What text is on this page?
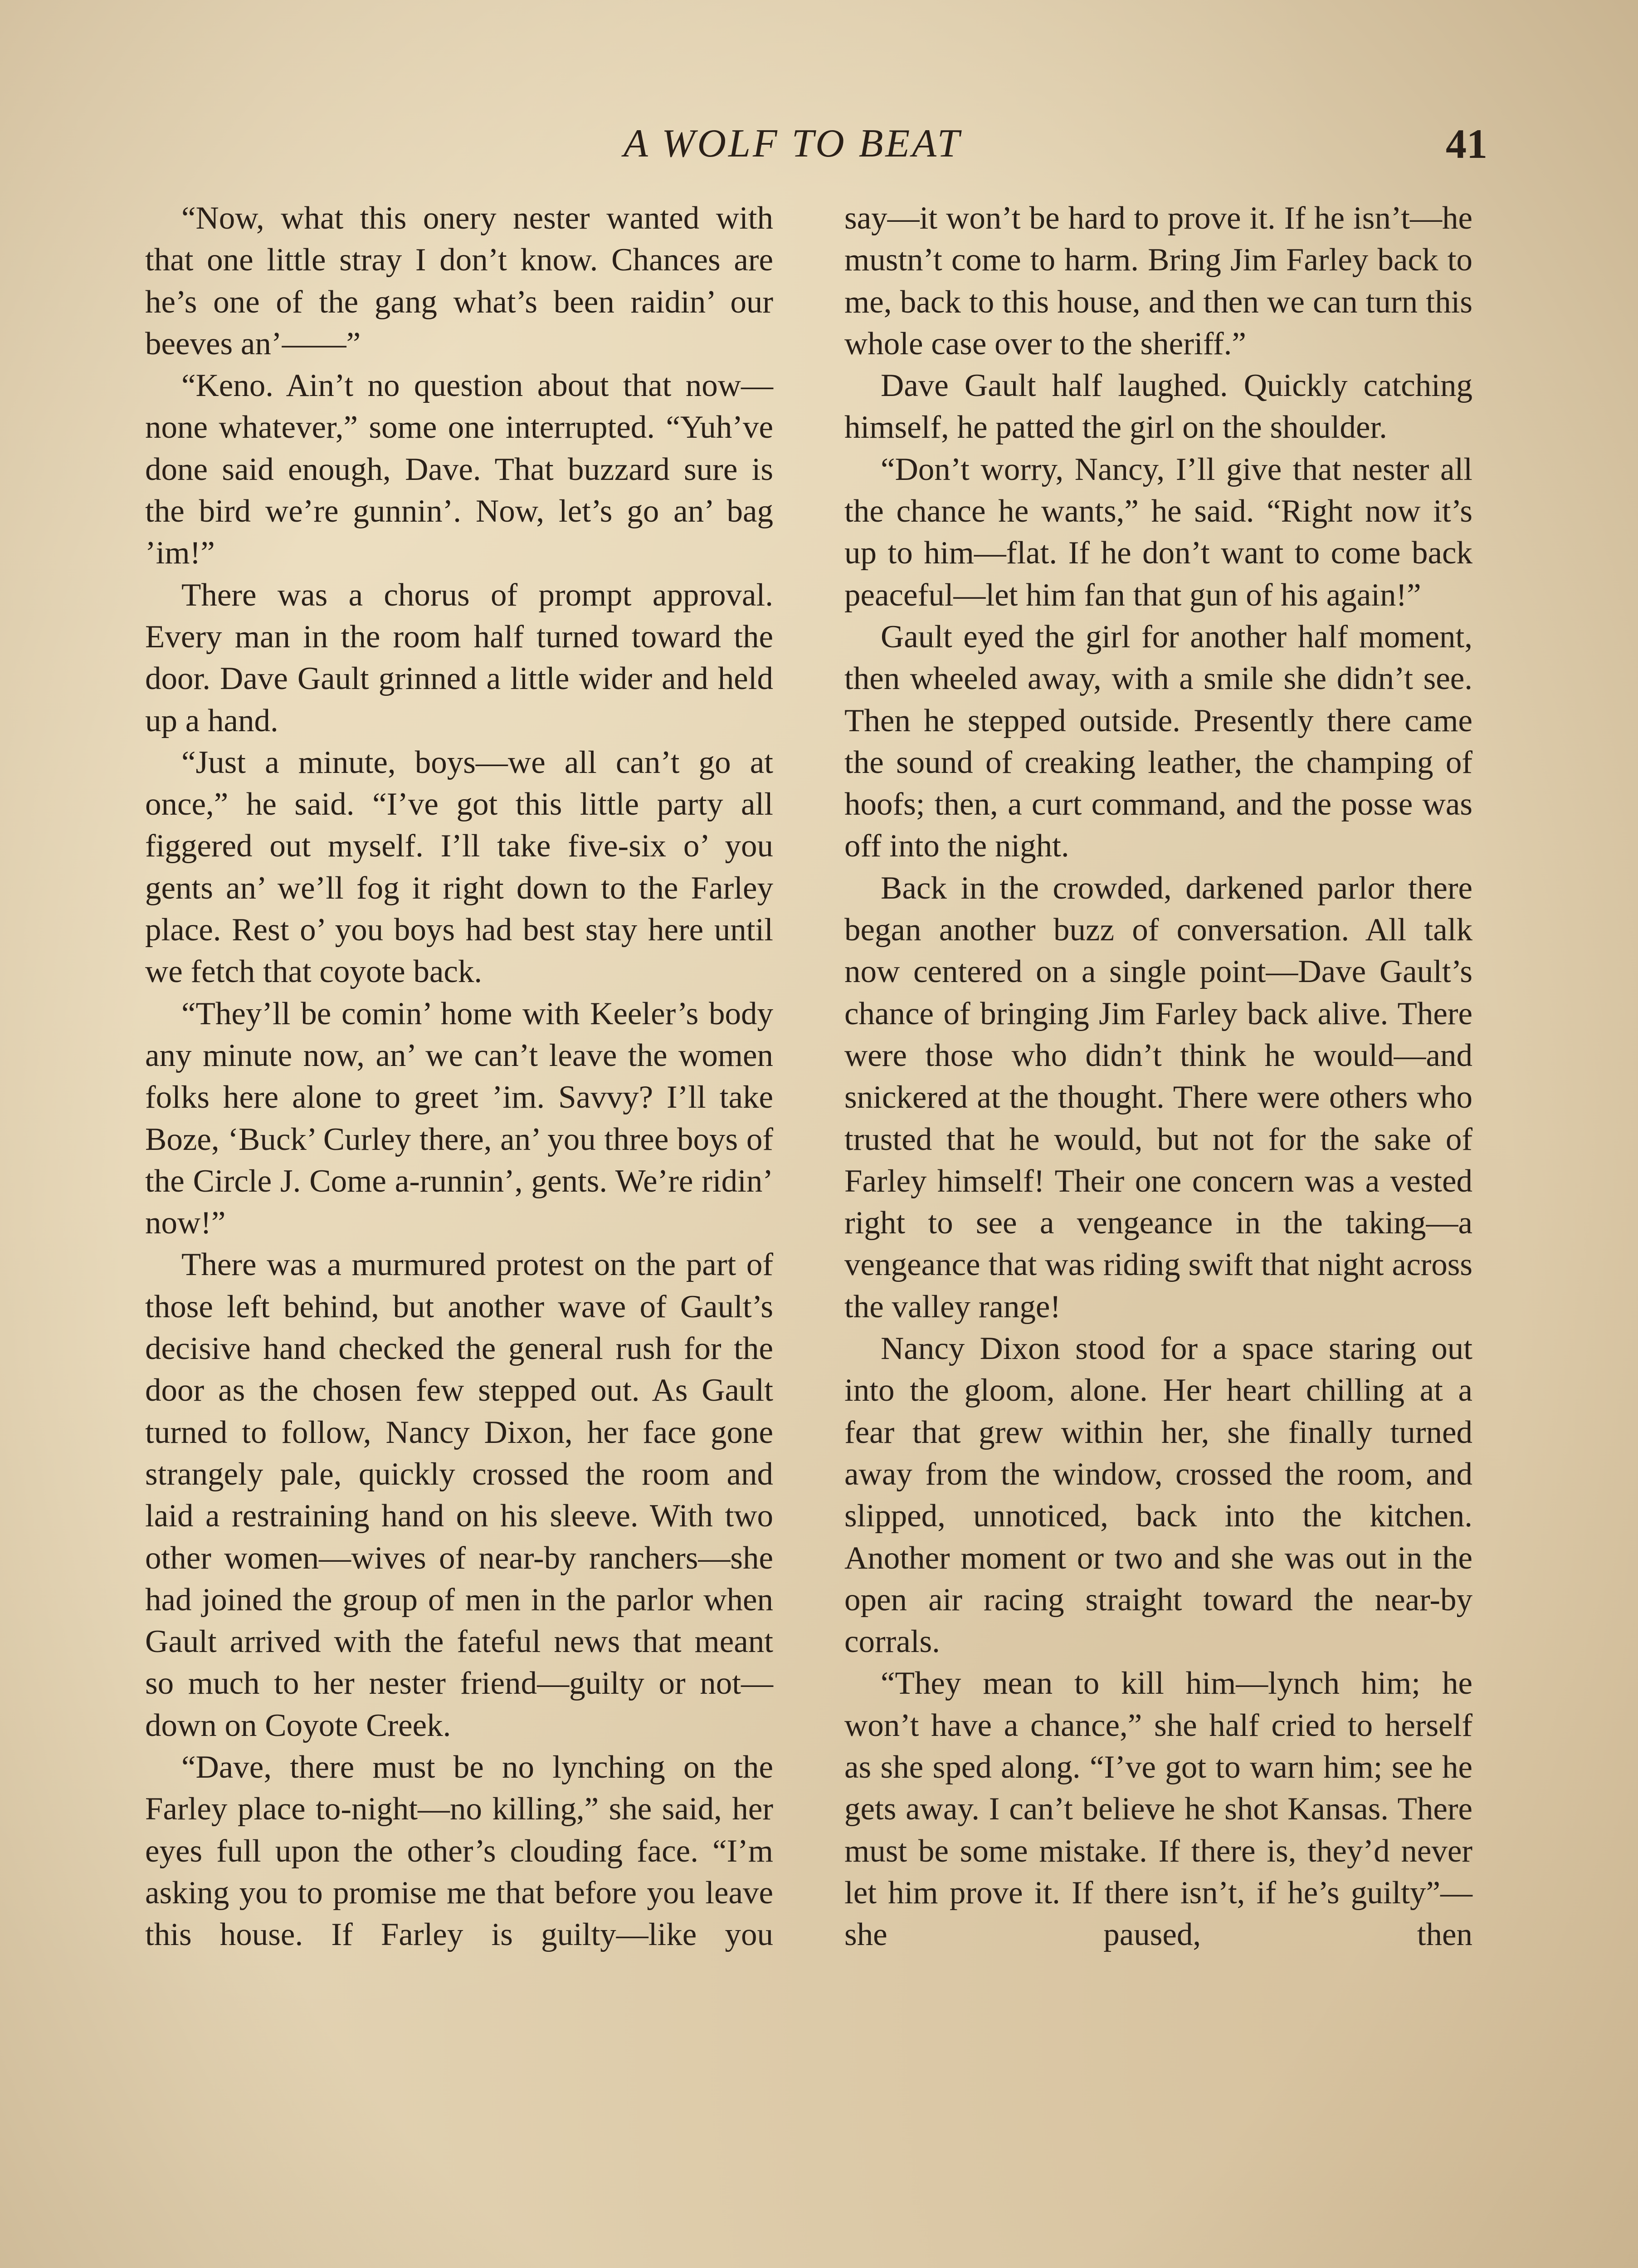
A WOLF TO BEAT	41

“Now, what this onery nester wanted with that one little stray I don’t know. Chances are he’s one of the gang what’s been raidin’ our beeves an’——”

“Keno. Ain’t no question about that now—none whatever,” some one interrupted. “Yuh’ve done said enough, Dave. That buzzard sure is the bird we’re gunnin’. Now, let’s go an’ bag ’im!”

There was a chorus of prompt approval. Every man in the room half turned toward the door. Dave Gault grinned a little wider and held up a hand.

“Just a minute, boys—we all can’t go at once,” he said. “I’ve got this little party all figgered out myself. I’ll take five-six o’ you gents an’ we’ll fog it right down to the Farley place. Rest o’ you boys had best stay here until we fetch that coyote back.

“They’ll be comin’ home with Keeler’s body any minute now, an’ we can’t leave the women folks here alone to greet ’im. Savvy? I’ll take Boze, ‘Buck’ Curley there, an’ you three boys of the Circle J. Come a-runnin’, gents. We’re ridin’ now!”

There was a murmured protest on the part of those left behind, but another wave of Gault’s decisive hand checked the general rush for the door as the chosen few stepped out. As Gault turned to follow, Nancy Dixon, her face gone strangely pale, quickly crossed the room and laid a restraining hand on his sleeve. With two other women—wives of near-by ranchers—she had joined the group of men in the parlor when Gault arrived with the fateful news that meant so much to her nester friend—guilty or not—down on Coyote Creek.

“Dave, there must be no lynching on the Farley place to-night—no killing,” she said, her eyes full upon the other’s clouding face. “I’m asking you to promise me that before you leave this house. If Farley is guilty—like you

say—it won’t be hard to prove it. If he isn’t—he mustn’t come to harm. Bring Jim Farley back to me, back to this house, and then we can turn this whole case over to the sheriff.”

Dave Gault half laughed. Quickly catching himself, he patted the girl on the shoulder.

“Don’t worry, Nancy, I’ll give that nester all the chance he wants,” he said. “Right now it’s up to him—flat. If he don’t want to come back peaceful—let him fan that gun of his again!”

Gault eyed the girl for another half moment, then wheeled away, with a smile she didn’t see. Then he stepped outside. Presently there came the sound of creaking leather, the champing of hoofs; then, a curt command, and the posse was off into the night.

Back in the crowded, darkened parlor there began another buzz of conversation. All talk now centered on a single point—Dave Gault’s chance of bringing Jim Farley back alive. There were those who didn’t think he would—and snickered at the thought. There were others who trusted that he would, but not for the sake of Farley himself! Their one concern was a vested right to see a vengeance in the taking—a vengeance that was riding swift that night across the valley range!

Nancy Dixon stood for a space staring out into the gloom, alone. Her heart chilling at a fear that grew within her, she finally turned away from the window, crossed the room, and slipped, unnoticed, back into the kitchen. Another moment or two and she was out in the open air racing straight toward the near-by corrals.

“They mean to kill him—lynch him; he won’t have a chance,” she half cried to herself as she sped along. “I’ve got to warn him; see he gets away. I can’t believe he shot Kansas. There must be some mistake. If there is, they’d never let him prove it. If there isn’t, if he’s guilty”—she paused, then
